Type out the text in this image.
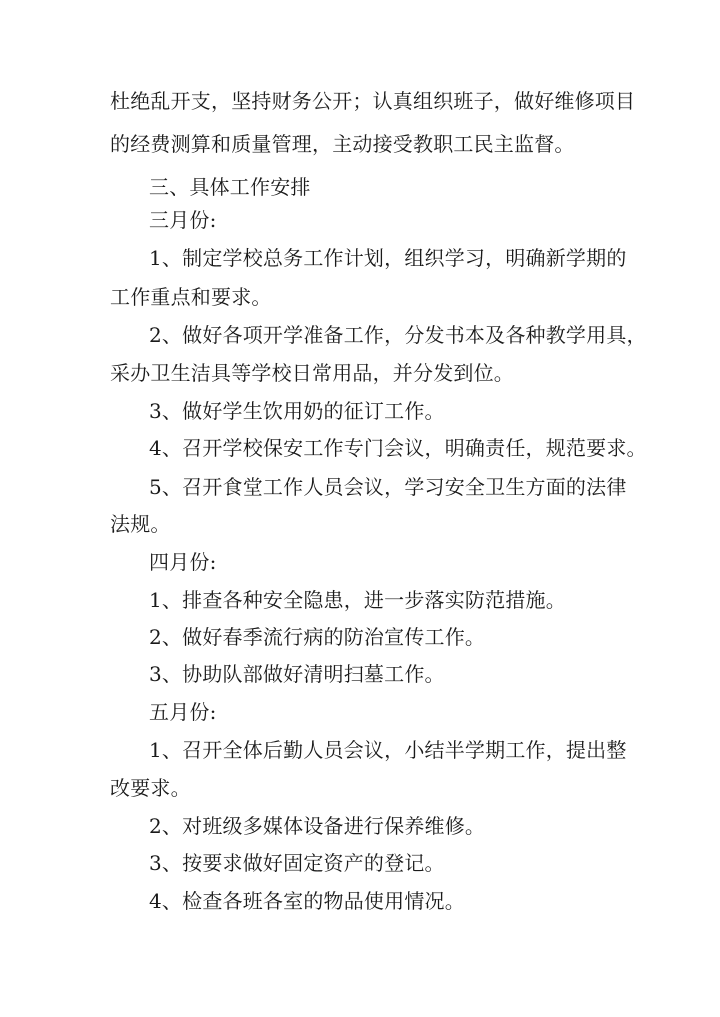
杜绝乱开支，坚持财务公开；认真组织班子，做好维修项目
的经费测算和质量管理，主动接受教职工民主监督。
三、具体工作安排
三月份:
1、制定学校总务工作计划，组织学习，明确新学期的
工作重点和要求。
2、做好各项开学准备工作，分发书本及各种教学用具，
采办卫生洁具等学校日常用品，并分发到位。
3、做好学生饮用奶的征订工作。
4、召开学校保安工作专门会议，明确责任，规范要求。
5、召开食堂工作人员会议，学习安全卫生方面的法律
法规。
四月份:
1、排查各种安全隐患，进一步落实防范措施。
2、做好春季流行病的防治宣传工作。
3、协助队部做好清明扫墓工作。
五月份:
1、召开全体后勤人员会议，小结半学期工作，提出整
改要求。
2、对班级多媒体设备进行保养维修。
3、按要求做好固定资产的登记。
4、检查各班各室的物品使用情况。
